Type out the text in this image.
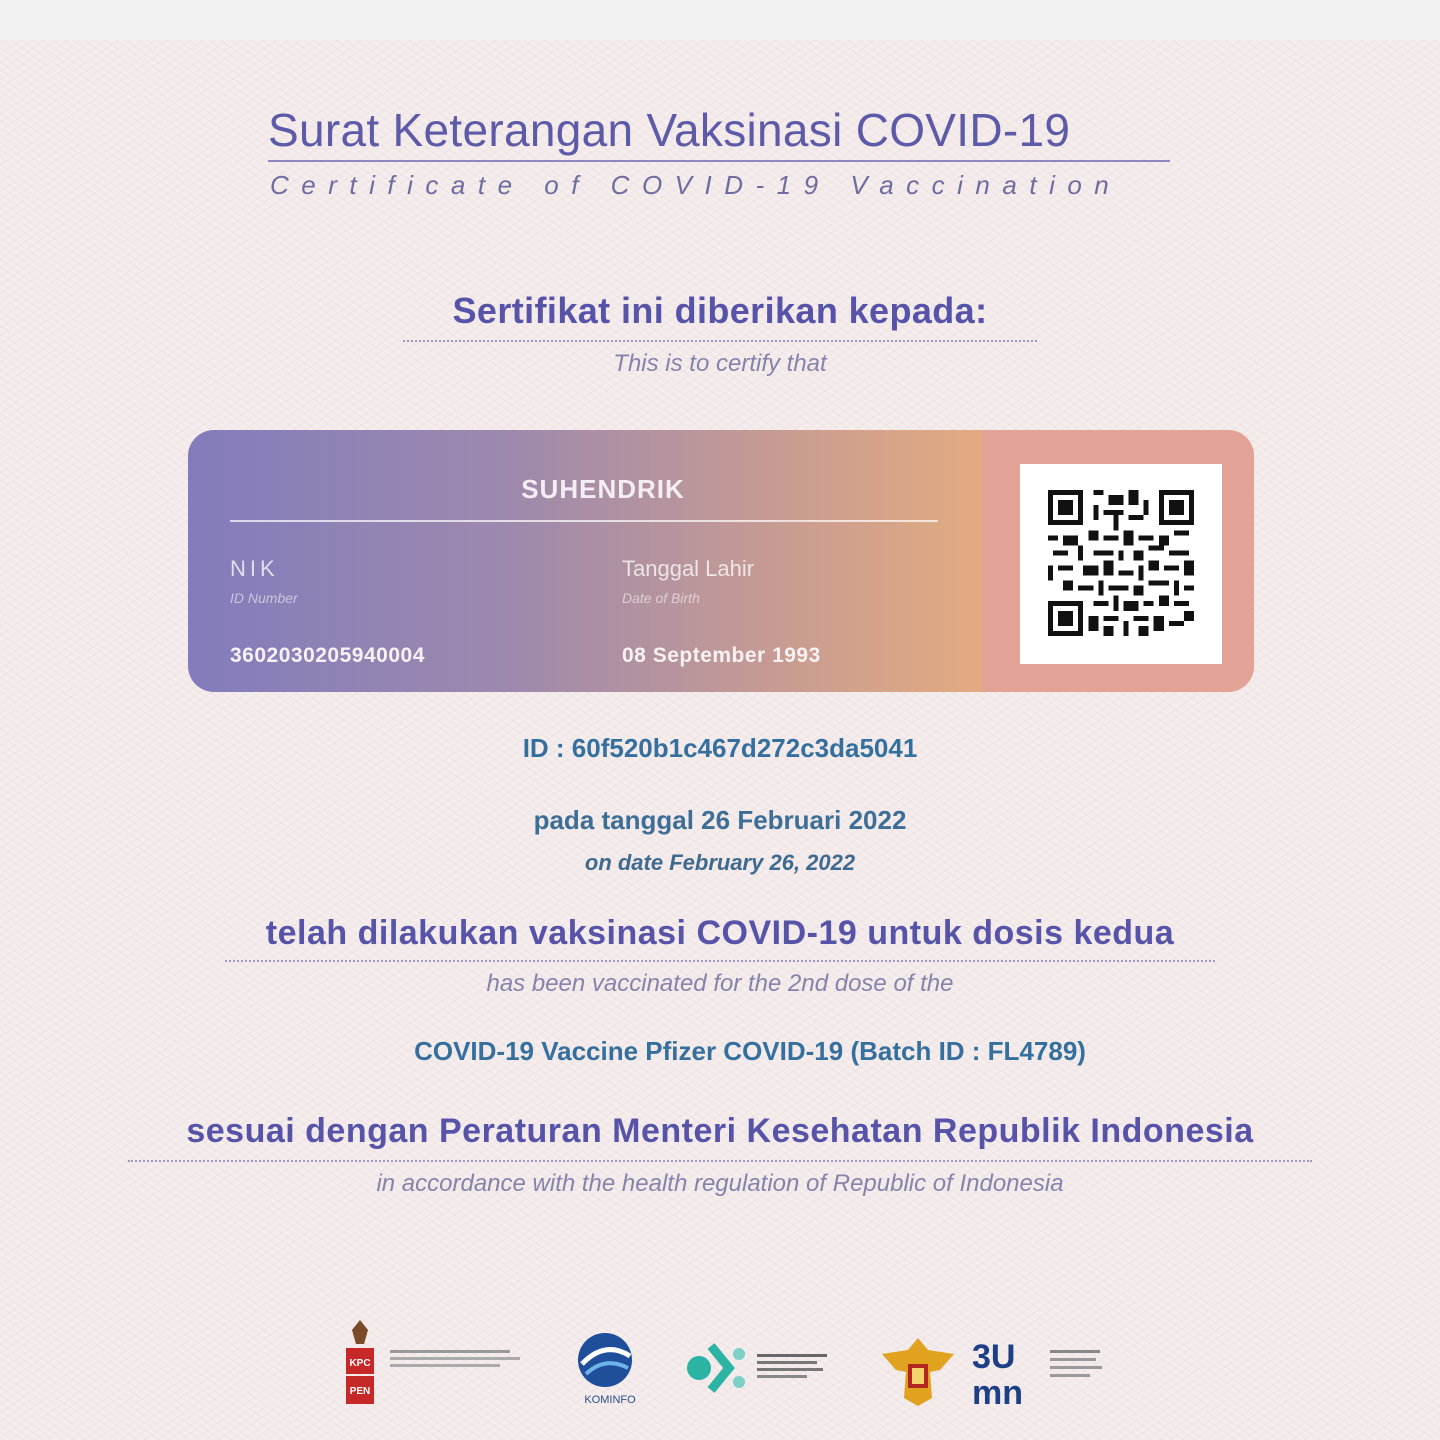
Surat Keterangan Vaksinasi COVID-19
Certificate of COVID-19 Vaccination
Sertifikat ini diberikan kepada:
This is to certify that
SUHENDRIK
NIK
ID Number
3602030205940004
Tanggal Lahir
Date of Birth
08 September 1993
ID : 60f520b1c467d272c3da5041
pada tanggal 26 Februari 2022
on date February 26, 2022
telah dilakukan vaksinasi COVID-19 untuk dosis kedua
has been vaccinated for the 2nd dose of the
COVID-19 Vaccine Pfizer COVID-19 (Batch ID : FL4789)
sesuai dengan Peraturan Menteri Kesehatan Republik Indonesia
in accordance with the health regulation of Republic of Indonesia
KPC
PEN
KOMINFO
3U
mn
